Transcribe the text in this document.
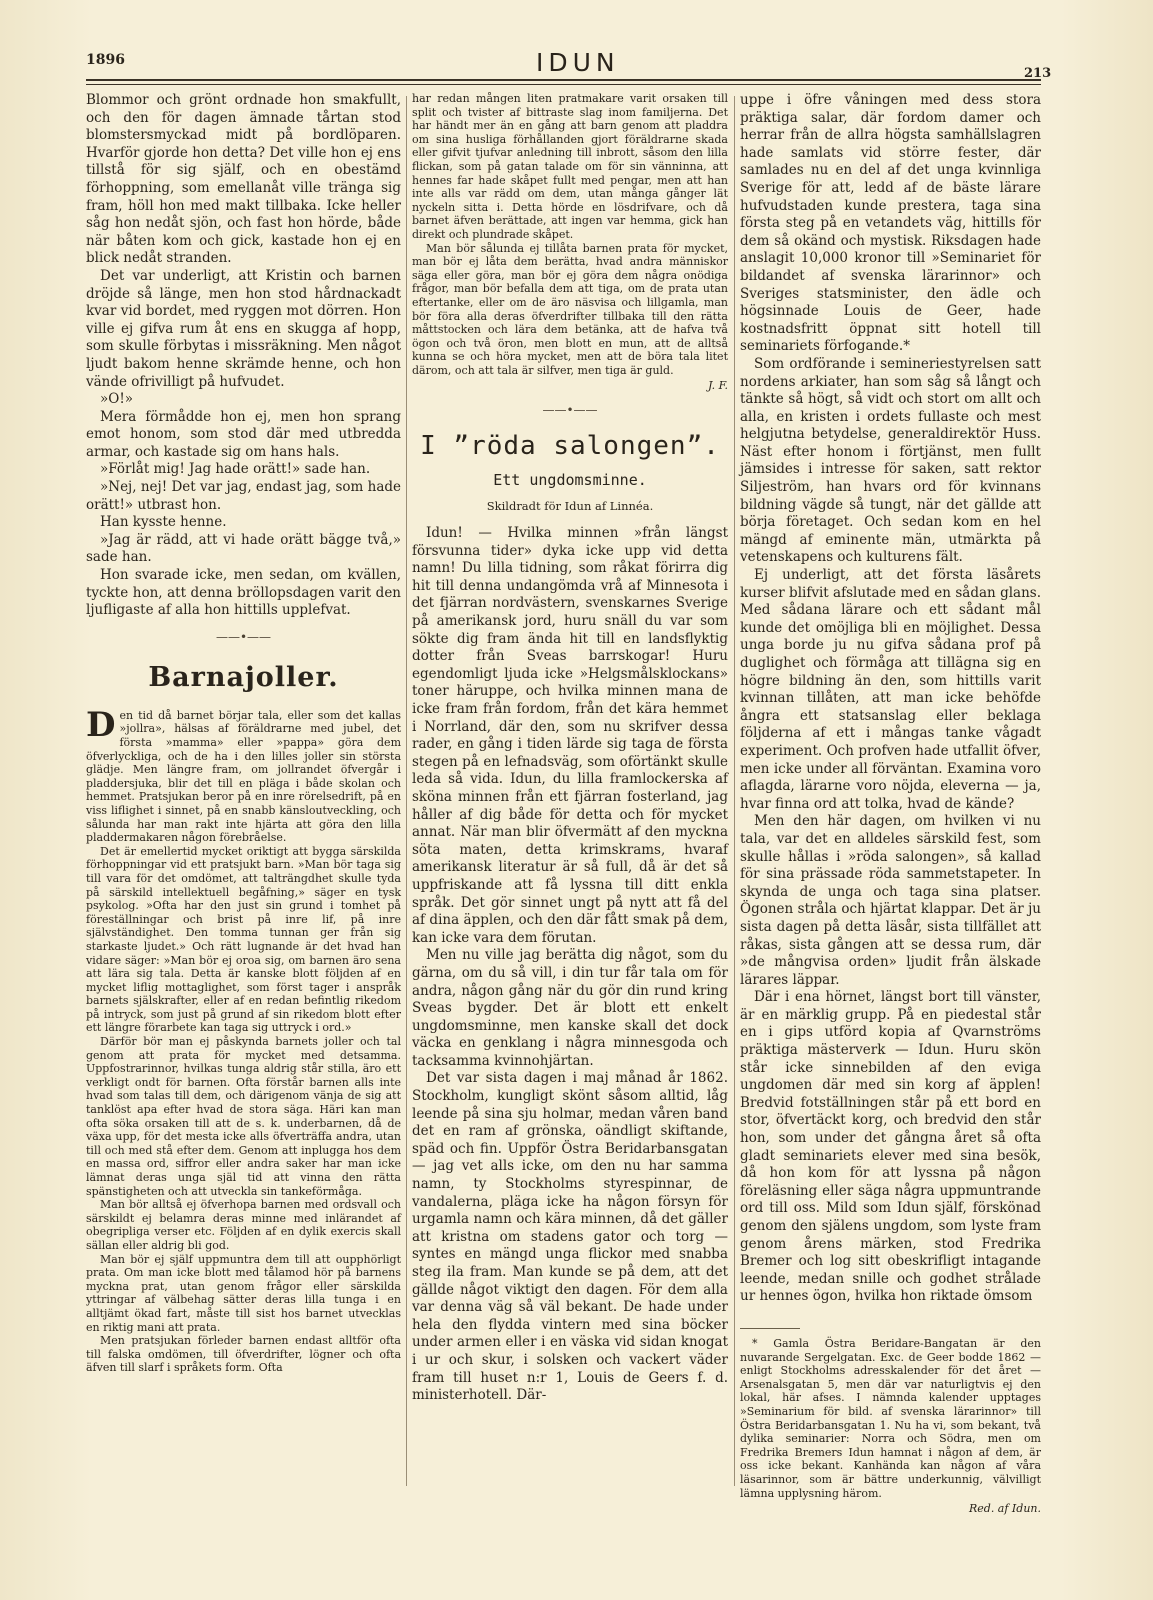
1896	IDUN	213

Blommor och grönt ordnade hon smakfullt, och den för dagen ämnade tårtan stod blomstersmyckad midt på bordlöparen. Hvarför gjorde hon detta? Det ville hon ej ens tillstå för sig själf, och en obestämd förhoppning, som emellanåt ville tränga sig fram, höll hon med makt tillbaka. Icke heller såg hon nedåt sjön, och fast hon hörde, både när båten kom och gick, kastade hon ej en blick nedåt stranden.

Det var underligt, att Kristin och barnen dröjde så länge, men hon stod hårdnackadt kvar vid bordet, med ryggen mot dörren. Hon ville ej gifva rum åt ens en skugga af hopp, som skulle förbytas i missräkning. Men något ljudt bakom henne skrämde henne, och hon vände ofrivilligt på hufvudet.

»O!»

Mera förmådde hon ej, men hon sprang emot honom, som stod där med utbredda armar, och kastade sig om hans hals.

»Förlåt mig! Jag hade orätt!» sade han.

»Nej, nej! Det var jag, endast jag, som hade orätt!» utbrast hon.

Han kysste henne.

»Jag är rädd, att vi hade orätt bägge två,» sade han.

Hon svarade icke, men sedan, om kvällen, tyckte hon, att denna bröllopsdagen varit den ljufligaste af alla hon hittills upplefvat.

——•——
Barnajoller.

Den tid då barnet börjar tala, eller som det kallas »jollra», hälsas af föräldrarne med jubel, det första »mamma» eller »pappa» göra dem öfverlyckliga, och de ha i den lilles joller sin största glädje. Men längre fram, om jollrandet öfvergår i pladdersjuka, blir det till en pläga i både skolan och hemmet. Pratsjukan beror på en inre rörelsedrift, på en viss liflighet i sinnet, på en snabb känsloutveckling, och sålunda har man rakt inte hjärta att göra den lilla pladdermakaren någon förebråelse.

Det är emellertid mycket oriktigt att bygga särskilda förhoppningar vid ett pratsjukt barn. »Man bör taga sig till vara för det omdömet, att talträngdhet skulle tyda på särskild intellektuell begåfning,» säger en tysk psykolog. »Ofta har den just sin grund i tomhet på föreställningar och brist på inre lif, på inre självständighet. Den tomma tunnan ger från sig starkaste ljudet.» Och rätt lugnande är det hvad han vidare säger: »Man bör ej oroa sig, om barnen äro sena att lära sig tala. Detta är kanske blott följden af en mycket liflig mottaglighet, som först tager i anspråk barnets själskrafter, eller af en redan befintlig rikedom på intryck, som just på grund af sin rikedom blott efter ett längre förarbete kan taga sig uttryck i ord.»

Därför bör man ej påskynda barnets joller och tal genom att prata för mycket med detsamma. Uppfostrarinnor, hvilkas tunga aldrig står stilla, äro ett verkligt ondt för barnen. Ofta förstår barnen alls inte hvad som talas till dem, och därigenom vänja de sig att tanklöst apa efter hvad de stora säga. Häri kan man ofta söka orsaken till att de s. k. underbarnen, då de växa upp, för det mesta icke alls öfverträffa andra, utan till och med stå efter dem. Genom att inplugga hos dem en massa ord, siffror eller andra saker har man icke lämnat deras unga själ tid att vinna den rätta spänstigheten och att utveckla sin tankeförmåga.

Man bör alltså ej öfverhopa barnen med ordsvall och särskildt ej belamra deras minne med inlärandet af obegripliga verser etc. Följden af en dylik exercis skall sällan eller aldrig bli god.

Man bör ej själf uppmuntra dem till att oupphörligt prata. Om man icke blott med tålamod hör på barnens myckna prat, utan genom frågor eller särskilda yttringar af välbehag sätter deras lilla tunga i en alltjämt ökad fart, måste till sist hos barnet utvecklas en riktig mani att prata.

Men pratsjukan förleder barnen endast alltför ofta till falska omdömen, till öfverdrifter, lögner och ofta äfven till slarf i språkets form. Ofta

har redan mången liten pratmakare varit orsaken till split och tvister af bittraste slag inom familjerna. Det har händt mer än en gång att barn genom att pladdra om sina husliga förhållanden gjort föräldrarne skada eller gifvit tjufvar anledning till inbrott, såsom den lilla flickan, som på gatan talade om för sin vänninna, att hennes far hade skåpet fullt med pengar, men att han inte alls var rädd om dem, utan många gånger lät nyckeln sitta i. Detta hörde en lösdrifvare, och då barnet äfven berättade, att ingen var hemma, gick han direkt och plundrade skåpet.

Man bör sålunda ej tillåta barnen prata för mycket, man bör ej låta dem berätta, hvad andra människor säga eller göra, man bör ej göra dem några onödiga frågor, man bör befalla dem att tiga, om de prata utan eftertanke, eller om de äro näsvisa och lillgamla, man bör föra alla deras öfverdrifter tillbaka till den rätta måttstocken och lära dem betänka, att de hafva två ögon och två öron, men blott en mun, att de alltså kunna se och höra mycket, men att de böra tala litet därom, och att tala är silfver, men tiga är guld.

J. F.
——•——
I ”röda salongen”.
Ett ungdomsminne.
Skildradt för Idun af Linnéa.

Idun! — Hvilka minnen »från längst försvunna tider» dyka icke upp vid detta namn! Du lilla tidning, som råkat förirra dig hit till denna undangömda vrå af Minnesota i det fjärran nordvästern, svenskarnes Sverige på amerikansk jord, huru snäll du var som sökte dig fram ända hit till en landsflyktig dotter från Sveas barrskogar! Huru egendomligt ljuda icke »Helgsmålsklockans» toner häruppe, och hvilka minnen mana de icke fram från fordom, från det kära hemmet i Norrland, där den, som nu skrifver dessa rader, en gång i tiden lärde sig taga de första stegen på en lefnadsväg, som oförtänkt skulle leda så vida. Idun, du lilla framlockerska af sköna minnen från ett fjärran fosterland, jag håller af dig både för detta och för mycket annat. När man blir öfvermätt af den myckna söta maten, detta krimskrams, hvaraf amerikansk literatur är så full, då är det så uppfriskande att få lyssna till ditt enkla språk. Det gör sinnet ungt på nytt att få del af dina äpplen, och den där fått smak på dem, kan icke vara dem förutan.

Men nu ville jag berätta dig något, som du gärna, om du så vill, i din tur får tala om för andra, någon gång när du gör din rund kring Sveas bygder. Det är blott ett enkelt ungdomsminne, men kanske skall det dock väcka en genklang i några minnesgoda och tacksamma kvinnohjärtan.

Det var sista dagen i maj månad år 1862. Stockholm, kungligt skönt såsom alltid, låg leende på sina sju holmar, medan våren band det en ram af grönska, oändligt skiftande, späd och fin. Uppför Östra Beridarbansgatan — jag vet alls icke, om den nu har samma namn, ty Stockholms styrespinnar, de vandalerna, pläga icke ha någon försyn för urgamla namn och kära minnen, då det gäller att kristna om stadens gator och torg — syntes en mängd unga flickor med snabba steg ila fram. Man kunde se på dem, att det gällde något viktigt den dagen. För dem alla var denna väg så väl bekant. De hade under hela den flydda vintern med sina böcker under armen eller i en väska vid sidan knogat i ur och skur, i solsken och vackert väder fram till huset n:r 1, Louis de Geers f. d. ministerhotell. Där-

uppe i öfre våningen med dess stora präktiga salar, där fordom damer och herrar från de allra högsta samhällslagren hade samlats vid större fester, där samlades nu en del af det unga kvinnliga Sverige för att, ledd af de bäste lärare hufvudstaden kunde prestera, taga sina första steg på en vetandets väg, hittills för dem så okänd och mystisk. Riksdagen hade anslagit 10,000 kronor till »Seminariet för bildandet af svenska lärarinnor» och Sveriges statsminister, den ädle och högsinnade Louis de Geer, hade kostnadsfritt öppnat sitt hotell till seminariets förfogande.*

Som ordförande i semineriestyrelsen satt nordens arkiater, han som såg så långt och tänkte så högt, så vidt och stort om allt och alla, en kristen i ordets fullaste och mest helgjutna betydelse, generaldirektör Huss. Näst efter honom i förtjänst, men fullt jämsides i intresse för saken, satt rektor Siljeström, han hvars ord för kvinnans bildning vägde så tungt, när det gällde att börja företaget. Och sedan kom en hel mängd af eminente män, utmärkta på vetenskapens och kulturens fält.

Ej underligt, att det första läsårets kurser blifvit afslutade med en sådan glans. Med sådana lärare och ett sådant mål kunde det omöjliga bli en möjlighet. Dessa unga borde ju nu gifva sådana prof på duglighet och förmåga att tillägna sig en högre bildning än den, som hittills varit kvinnan tillåten, att man icke behöfde ångra ett statsanslag eller beklaga följderna af ett i mångas tanke vågadt experiment. Och profven hade utfallit öfver, men icke under all förväntan. Examina voro aflagda, lärarne voro nöjda, eleverna — ja, hvar finna ord att tolka, hvad de kände?

Men den här dagen, om hvilken vi nu tala, var det en alldeles särskild fest, som skulle hållas i »röda salongen», så kallad för sina prässade röda sammetstapeter. In skynda de unga och taga sina platser. Ögonen stråla och hjärtat klappar. Det är ju sista dagen på detta läsår, sista tillfället att råkas, sista gången att se dessa rum, där »de mångvisa orden» ljudit från älskade lärares läppar.

Där i ena hörnet, längst bort till vänster, är en märklig grupp. På en piedestal står en i gips utförd kopia af Qvarnströms präktiga mästerverk — Idun. Huru skön står icke sinnebilden af den eviga ungdomen där med sin korg af äpplen! Bredvid fotställningen står på ett bord en stor, öfvertäckt korg, och bredvid den står hon, som under det gångna året så ofta gladt seminariets elever med sina besök, då hon kom för att lyssna på någon föreläsning eller säga några uppmuntrande ord till oss. Mild som Idun själf, förskönad genom den själens ungdom, som lyste fram genom årens märken, stod Fredrika Bremer och log sitt obeskrifligt intagande leende, medan snille och godhet strålade ur hennes ögon, hvilka hon riktade ömsom

* Gamla Östra Beridare-Bangatan är den nuvarande Sergelgatan. Exc. de Geer bodde 1862 — enligt Stockholms adresskalender för det året — Arsenalsgatan 5, men där var naturligtvis ej den lokal, här afses. I nämnda kalender upptages »Seminarium för bild. af svenska lärarinnor» till Östra Beridarbansgatan 1. Nu ha vi, som bekant, två dylika seminarier: Norra och Södra, men om Fredrika Bremers Idun hamnat i någon af dem, är oss icke bekant. Kanhända kan någon af våra läsarinnor, som är bättre underkunnig, välvilligt lämna upplysning härom.

Red. af Idun.
